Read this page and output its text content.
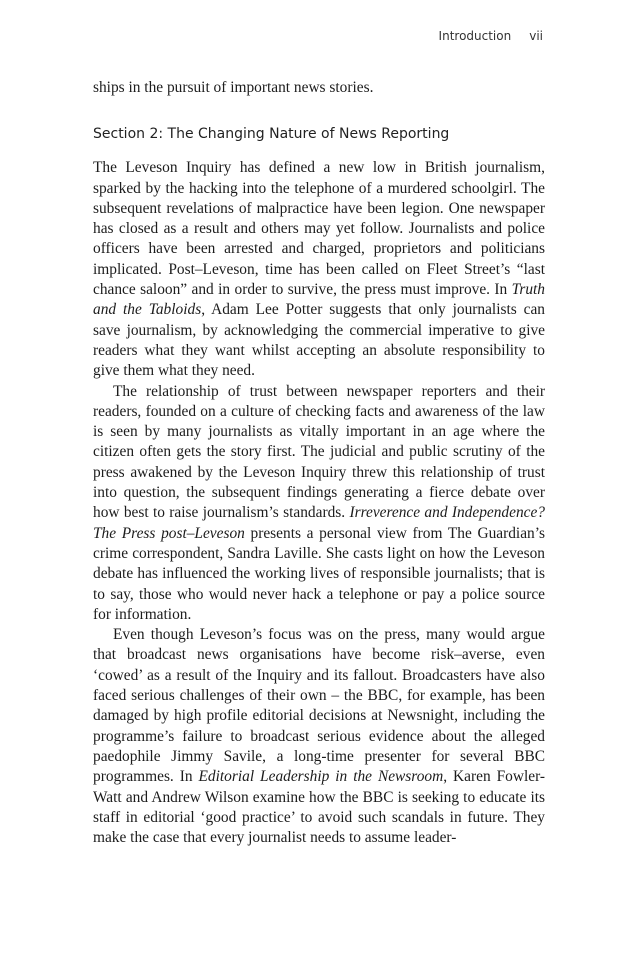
Introduction vii

ships in the pursuit of important news stories.

Section 2: The Changing Nature of News Reporting

The Leveson Inquiry has defined a new low in British journalism, sparked by the hacking into the telephone of a murdered schoolgirl. The subsequent revelations of malpractice have been legion. One newspaper has closed as a result and others may yet follow. Journalists and police officers have been arrested and charged, proprietors and politicians implicated. Post–Leveson, time has been called on Fleet Street’s “last chance saloon” and in order to survive, the press must improve. In Truth and the Tabloids, Adam Lee Potter suggests that only journalists can save journalism, by acknowledging the commercial imperative to give readers what they want whilst accepting an absolute responsibility to give them what they need.

The relationship of trust between newspaper reporters and their readers, founded on a culture of checking facts and awareness of the law is seen by many journalists as vitally important in an age where the citizen often gets the story first. The judicial and public scrutiny of the press awakened by the Leveson Inquiry threw this relationship of trust into question, the subsequent findings generating a fierce debate over how best to raise journalism’s standards. Irreverence and Independence? The Press post–Leveson presents a personal view from The Guardian’s crime correspondent, Sandra Laville. She casts light on how the Leveson debate has influenced the working lives of responsible journalists; that is to say, those who would never hack a telephone or pay a police source for information.

Even though Leveson’s focus was on the press, many would argue that broadcast news organisations have become risk–averse, even ‘cowed’ as a result of the Inquiry and its fallout. Broadcasters have also faced serious challenges of their own – the BBC, for example, has been damaged by high profile editorial decisions at Newsnight, including the programme’s failure to broadcast serious evidence about the alleged paedophile Jimmy Savile, a long-time presenter for several BBC programmes. In Editorial Leadership in the Newsroom, Karen Fowler-Watt and Andrew Wilson examine how the BBC is seeking to educate its staff in editorial ‘good practice’ to avoid such scandals in future. They make the case that every journalist needs to assume leader-
